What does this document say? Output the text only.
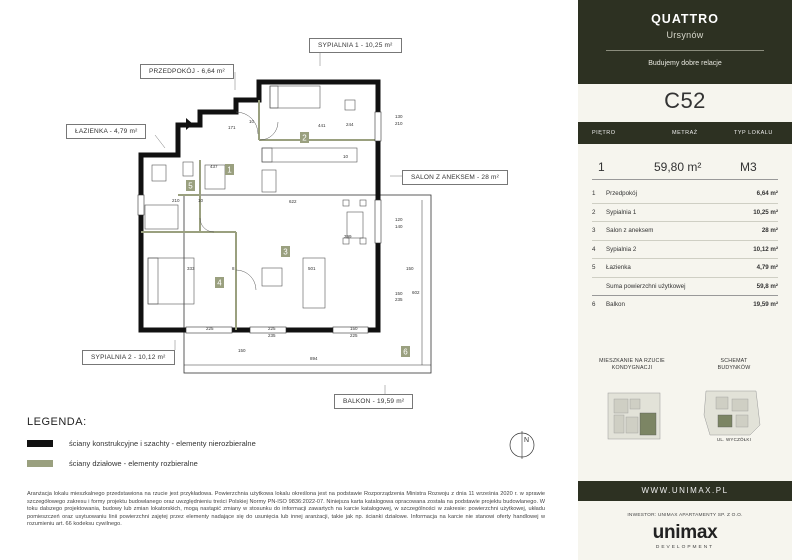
1
2
3
4
5
6
441
171
10
244
130
210
10
437
622
210	10
120
140
399
333	8	501	150
602
150
235
225	225
235
150
894
150
225
N
PRZEDPOKÓJ - 6,64 m²
SYPIALNIA 1 - 10,25 m²
ŁAZIENKA - 4,79 m²
SALON Z ANEKSEM - 28 m²
SYPIALNIA 2 - 10,12 m²
BALKON - 19,59 m²
LEGENDA:
ściany konstrukcyjne i szachty - elementy nierozbieralne
ściany działowe - elementy rozbieralne
Aranżacja lokalu mieszkalnego przedstawiona na rzucie jest przykładowa. Powierzchnia użytkowa lokalu określona jest na podstawie Rozporządzenia Ministra Rozwoju z dnia 11 września 2020 r. w sprawie szczegółowego zakresu i formy projektu budowlanego oraz uwzględnieniu treści Polskiej Normy PN-ISO 9836:2022-07. Niniejsza karta katalogowa opracowana została na podstawie projektu budowlanego. W toku dalszego projektowania, budowy lub zmian lokatorskich, mogą nastąpić zmiany w stosunku do informacji zawartych na karcie katalogowej, w szczególności w zakresie: powierzchni użytkowej, układu pomieszczeń oraz usytuowaniu linii powierzchni zajętej przez elementy nadające się do usunięcia lub innej aranżacji, takie jak np. ścianki działowe. Informacja na karcie nie stanowi oferty handlowej w rozumieniu art. 66 kodeksu cywilnego.
QUATTRO
Ursynów
Budujemy dobre relacje
C52
PIĘTRO	METRAŻ	TYP LOKALU
1	59,80 m²	M3
1	Przedpokój	6,64 m²
2	Sypialnia 1	10,25 m²
3	Salon z aneksem	28 m²
4	Sypialnia 2	10,12 m²
5	Łazienka	4,79 m²
Suma powierzchni użytkowej	59,8 m²
6	Balkon	19,59 m²
MIESZKANIE NA RZUCIE KONDYGNACJI
SCHEMAT BUDYNKÓW
UL. WYCZÓŁKI
WWW.UNIMAX.PL
INWESTOR: UNIMAX APARTAMENTY SP. Z O.O.
unimax
DEVELOPMENT
